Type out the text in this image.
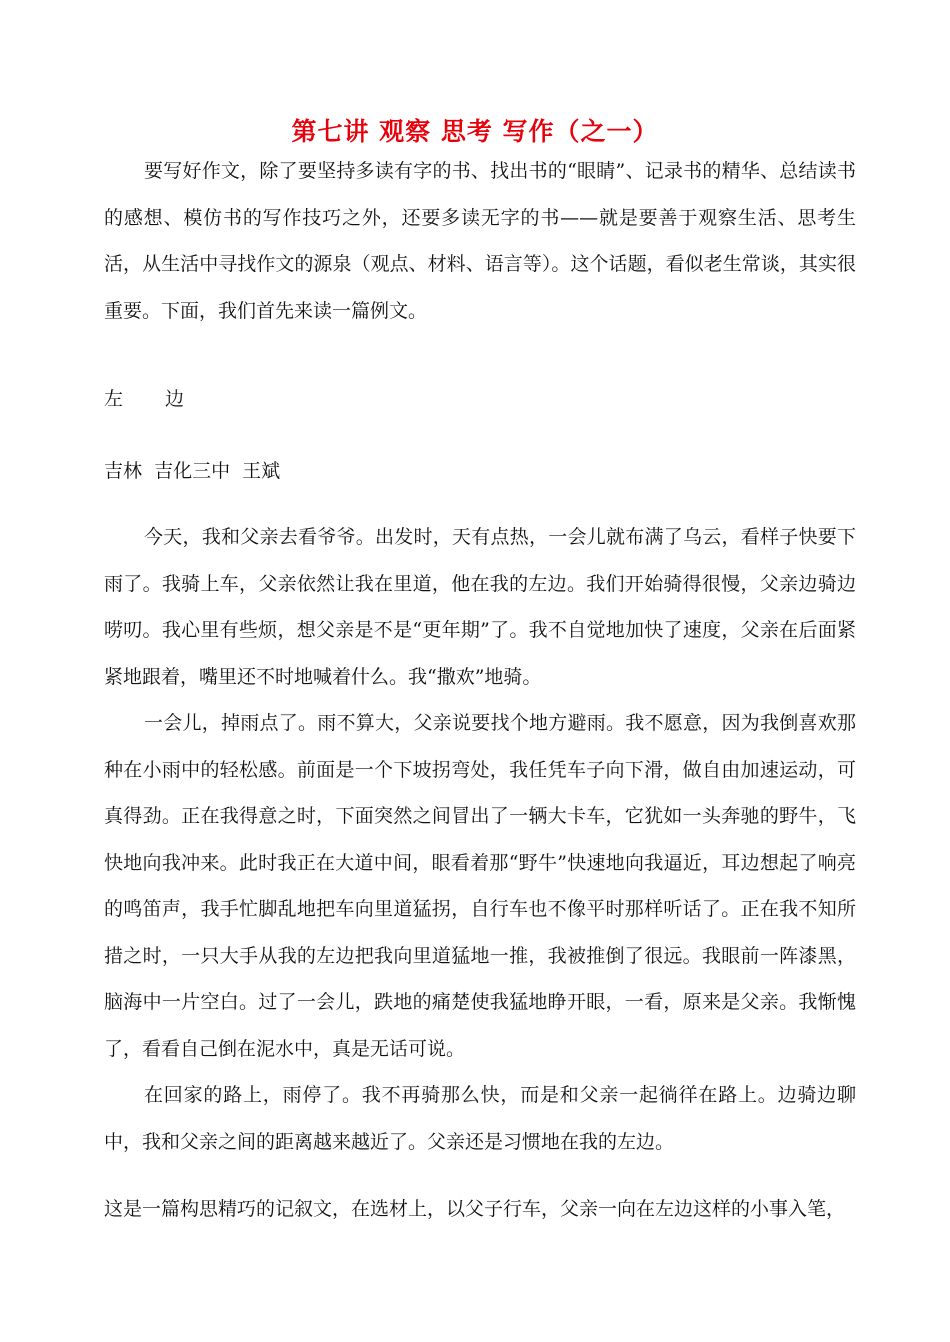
第七讲 观察 思考 写作（之一）

要写好作文，除了要坚持多读有字的书、找出书的“眼睛”、记录书的精华、总结读书的感想、模仿书的写作技巧之外，还要多读无字的书——就是要善于观察生活、思考生活，从生活中寻找作文的源泉（观点、材料、语言等）。这个话题，看似老生常谈，其实很重要。下面，我们首先来读一篇例文。

左 边

吉林  吉化三中  王斌

今天，我和父亲去看爷爷。出发时，天有点热，一会儿就布满了乌云，看样子快要下雨了。我骑上车，父亲依然让我在里道，他在我的左边。我们开始骑得很慢，父亲边骑边唠叨。我心里有些烦，想父亲是不是“更年期”了。我不自觉地加快了速度，父亲在后面紧紧地跟着，嘴里还不时地喊着什么。我“撒欢”地骑。

一会儿，掉雨点了。雨不算大，父亲说要找个地方避雨。我不愿意，因为我倒喜欢那种在小雨中的轻松感。前面是一个下坡拐弯处，我任凭车子向下滑，做自由加速运动，可真得劲。正在我得意之时，下面突然之间冒出了一辆大卡车，它犹如一头奔驰的野牛，飞快地向我冲来。此时我正在大道中间，眼看着那“野牛”快速地向我逼近，耳边想起了响亮的鸣笛声，我手忙脚乱地把车向里道猛拐，自行车也不像平时那样听话了。正在我不知所措之时，一只大手从我的左边把我向里道猛地一推，我被推倒了很远。我眼前一阵漆黑，脑海中一片空白。过了一会儿，跌地的痛楚使我猛地睁开眼，一看，原来是父亲。我惭愧了，看看自己倒在泥水中，真是无话可说。

在回家的路上，雨停了。我不再骑那么快，而是和父亲一起徜徉在路上。边骑边聊中，我和父亲之间的距离越来越近了。父亲还是习惯地在我的左边。

这是一篇构思精巧的记叙文，在选材上，以父子行车，父亲一向在左边这样的小事入笔，
